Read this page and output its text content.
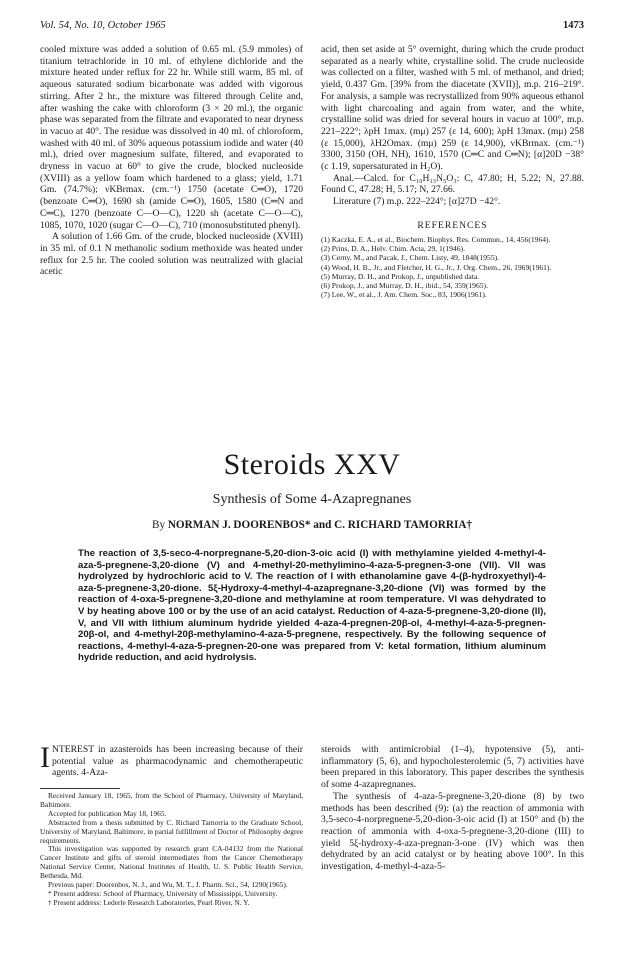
Vol. 54, No. 10, October 1965	1473

cooled mixture was added a solution of 0.65 ml. (5.9 mmoles) of titanium tetrachloride in 10 ml. of ethylene dichloride and the mixture heated under reflux for 22 hr. While still warm, 85 ml. of aqueous saturated sodium bicarbonate was added with vigorous stirring. After 2 hr., the mixture was filtered through Celite and, after washing the cake with chloroform (3 × 20 ml.), the organic phase was separated from the filtrate and evaporated to near dryness in vacuo at 40°. The residue was dissolved in 40 ml. of chloroform, washed with 40 ml. of 30% aqueous potassium iodide and water (40 ml.), dried over magnesium sulfate, filtered, and evaporated to dryness in vacuo at 60° to give the crude, blocked nucleoside (XVIII) as a yellow foam which hardened to a glass; yield, 1.71 Gm. (74.7%); νKBrmax. (cm.⁻¹) 1750 (acetate C═O), 1720 (benzoate C═O), 1690 sh (amide C═O), 1605, 1580 (C═N and C═C), 1270 (benzoate C—O—C), 1220 sh (acetate C—O—C), 1085, 1070, 1020 (sugar C—O—C), 710 (monosubstituted phenyl).

A solution of 1.66 Gm. of the crude, blocked nucleoside (XVIII) in 35 ml. of 0.1 N methanolic sodium methoxide was heated under reflux for 2.5 hr. The cooled solution was neutralized with glacial acetic

acid, then set aside at 5° overnight, during which the crude product separated as a nearly white, crystalline solid. The crude nucleoside was collected on a filter, washed with 5 ml. of methanol, and dried; yield, 0.437 Gm. [39% from the diacetate (XVII)], m.p. 216–219°. For analysis, a sample was recrystallized from 90% aqueous ethanol with light charcoaling and again from water, and the white, crystalline solid was dried for several hours in vacuo at 100°, m.p. 221–222°; λpH 1max. (mμ) 257 (ε 14, 600); λpH 13max. (mμ) 258 (ε 15,000), λH2Omax. (mμ) 259 (ε 14,900), νKBrmax. (cm.⁻¹) 3300, 3150 (OH, NH), 1610, 1570 (C═C and C═N); [α]20D −38° (c 1.19, supersaturated in H₂O).

Anal.—Calcd. for C₁₀H₁₃N₅O₃: C, 47.80; H, 5.22; N, 27.88. Found C, 47.28; H, 5.17; N, 27.66.

Literature (7) m.p. 222–224°; [α]27D −42°.

REFERENCES
(1) Kaczka, E. A., et al., Biochem. Biophys. Res. Commun., 14, 456(1964).
(2) Prins, D. A., Helv. Chim. Acta, 29, 1(1946).
(3) Cerny, M., and Pacak, J., Chem. Listy, 49, 1848(1955).
(4) Wood, H. B., Jr., and Fletcher, H. G., Jr., J. Org. Chem., 26, 1969(1961).
(5) Murray, D. H., and Prokop, J., unpublished data.
(6) Prokop, J., and Murray, D. H., ibid., 54, 359(1965).
(7) Lee, W., et al., J. Am. Chem. Soc., 83, 1906(1961).
Steroids XXV
Synthesis of Some 4-Azapregnanes
By NORMAN J. DOORENBOS* and C. RICHARD TAMORRIA†
The reaction of 3,5-seco-4-norpregnane-5,20-dion-3-oic acid (I) with methylamine yielded 4-methyl-4-aza-5-pregnene-3,20-dione (V) and 4-methyl-20-methylimino-4-aza-5-pregnen-3-one (VII). VII was hydrolyzed by hydrochloric acid to V. The reaction of I with ethanolamine gave 4-(β-hydroxyethyl)-4-aza-5-pregnene-3,20-dione. 5ξ-Hydroxy-4-methyl-4-azapregnane-3,20-dione (VI) was formed by the reaction of 4-oxa-5-pregnene-3,20-dione and methylamine at room temperature. VI was dehydrated to V by heating above 100 or by the use of an acid catalyst. Reduction of 4-aza-5-pregnene-3,20-dione (II), V, and VII with lithium aluminum hydride yielded 4-aza-4-pregnen-20β-ol, 4-methyl-4-aza-5-pregnen-20β-ol, and 4-methyl-20β-methylamino-4-aza-5-pregnene, respectively. By the following sequence of reactions, 4-methyl-4-aza-5-pregnen-20-one was prepared from V: ketal formation, lithium aluminum hydride reduction, and acid hydrolysis.

INTEREST in azasteroids has been increasing because of their potential value as pharmacodynamic and chemotherapeutic agents. 4-Aza-

Received January 18, 1965, from the School of Pharmacy, University of Maryland, Baltimore.

Accepted for publication May 18, 1965.

Abstracted from a thesis submitted by C. Richard Tamorria to the Graduate School, University of Maryland, Baltimore, in partial fulfillment of Doctor of Philosophy degree requirements.

This investigation was supported by research grant CA-04132 from the National Cancer Institute and gifts of steroid intermediates from the Cancer Chemotherapy National Service Center, National Institutes of Health, U. S. Public Health Service, Bethesda, Md.

Previous paper: Doorenbos, N. J., and Wu, M. T., J. Pharm. Sci., 54, 1290(1965).

* Present address: School of Pharmacy, University of Mississippi, University.

† Present address: Lederle Research Laboratories, Pearl River, N. Y.

steroids with antimicrobial (1–4), hypotensive (5), anti-inflammatory (5, 6), and hypocholesterolemic (5, 7) activities have been prepared in this laboratory. This paper describes the synthesis of some 4-azapregnanes.

The synthesis of 4-aza-5-pregnene-3,20-dione (8) by two methods has been described (9): (a) the reaction of ammonia with 3,5-seco-4-norpregnene-5,20-dion-3-oic acid (I) at 150° and (b) the reaction of ammonia with 4-oxa-5-pregnene-3,20-dione (III) to yield 5ξ-hydroxy-4-aza-pregnan-3-one (IV) which was then dehydrated by an acid catalyst or by heating above 100°. In this investigation, 4-methyl-4-aza-5-
